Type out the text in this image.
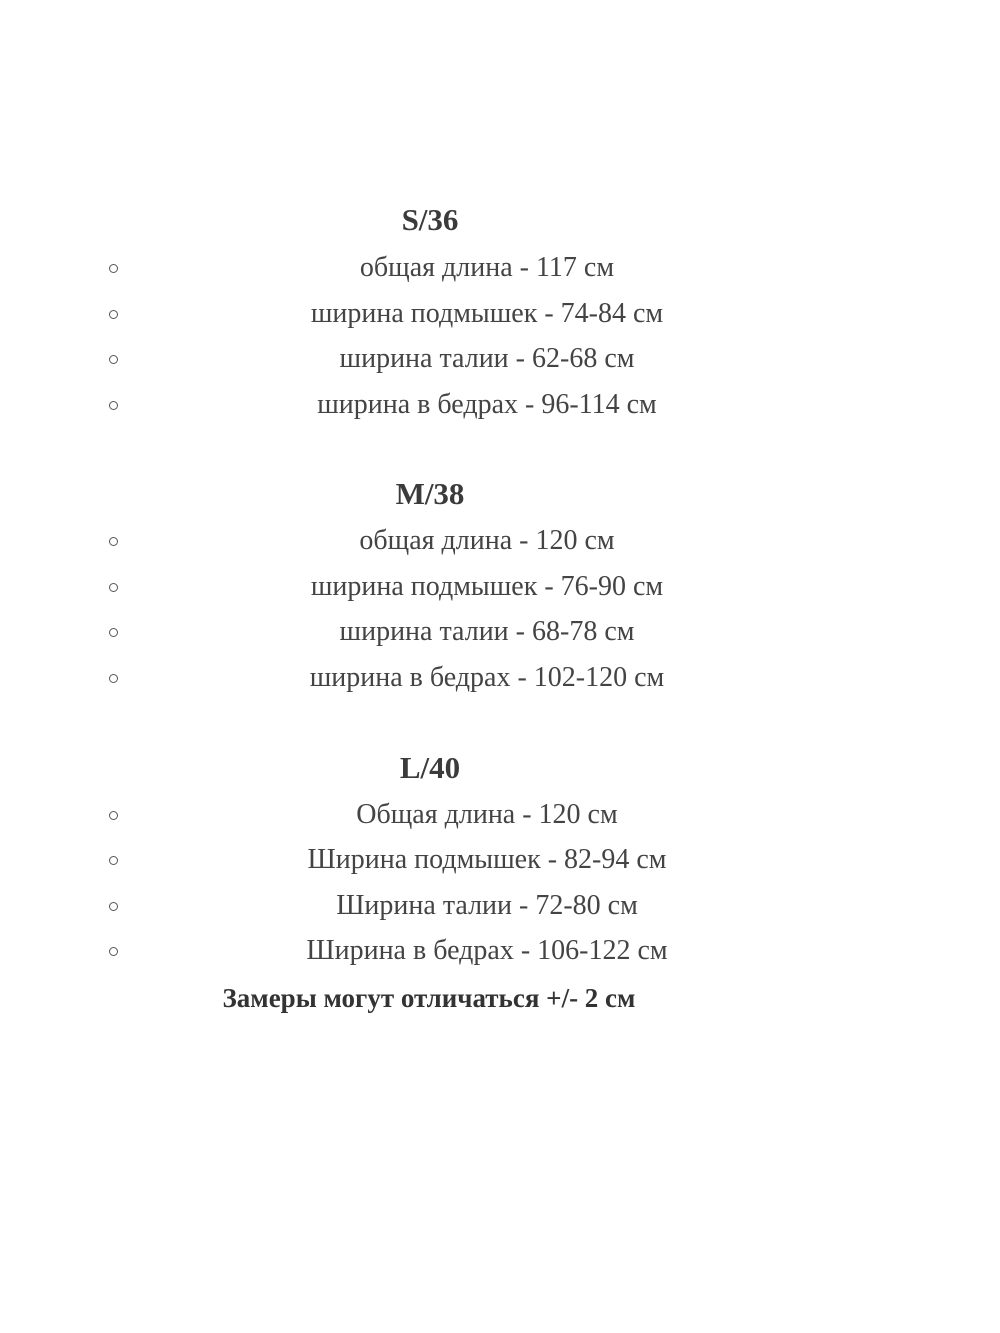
S/36
общая длина - 117 см
ширина подмышек - 74-84 см
ширина талии - 62-68 см
ширина в бедрах - 96-114 см
M/38
общая длина - 120 см
ширина подмышек - 76-90 см
ширина талии - 68-78 см
ширина в бедрах - 102-120 см
L/40
Общая длина - 120 см
Ширина подмышек - 82-94 см
Ширина талии - 72-80 см
Ширина в бедрах - 106-122 см
Замеры могут отличаться +/- 2 см
